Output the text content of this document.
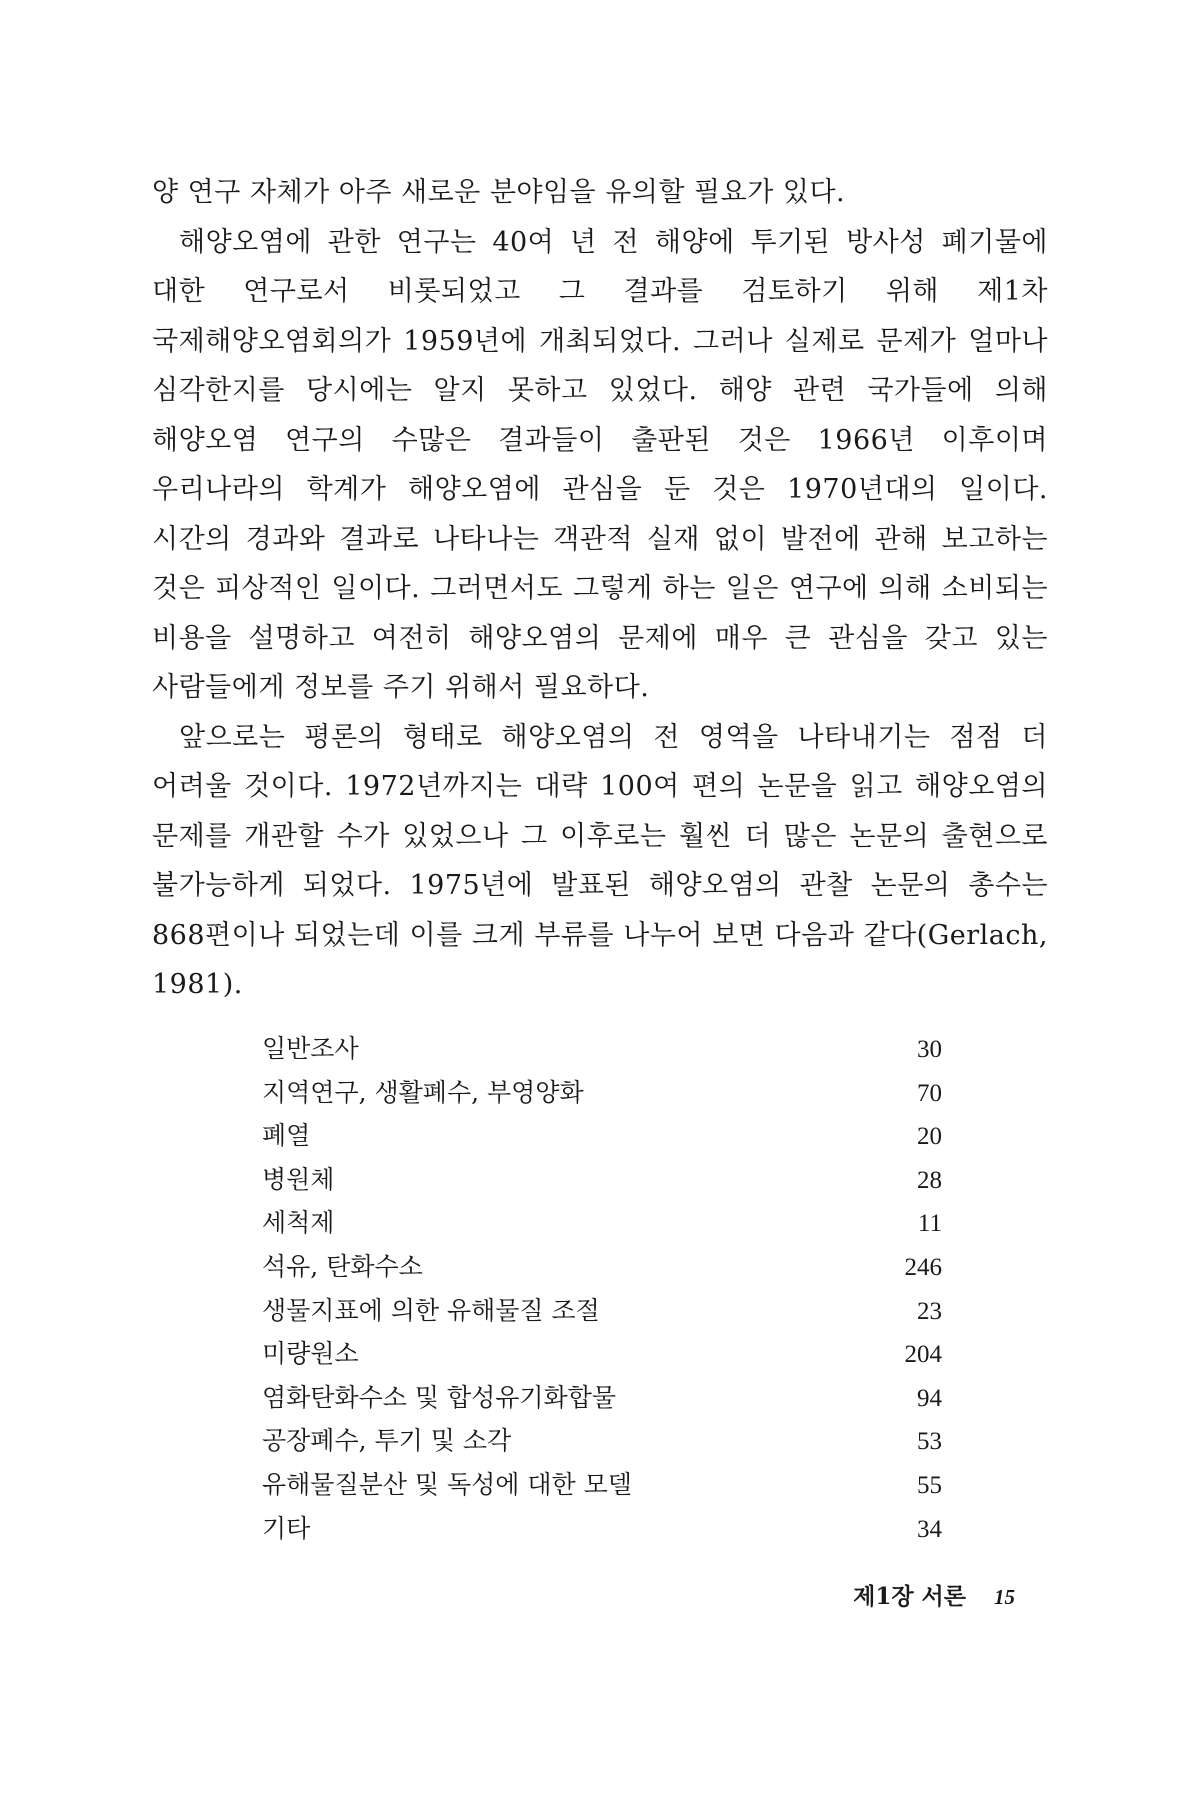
양 연구 자체가 아주 새로운 분야임을 유의할 필요가 있다.

해양오염에 관한 연구는 40여 년 전 해양에 투기된 방사성 폐기물에 대한 연구로서 비롯되었고 그 결과를 검토하기 위해 제1차 국제해양오염회의가 1959년에 개최되었다. 그러나 실제로 문제가 얼마나 심각한지를 당시에는 알지 못하고 있었다. 해양 관련 국가들에 의해 해양오염 연구의 수많은 결과들이 출판된 것은 1966년 이후이며 우리나라의 학계가 해양오염에 관심을 둔 것은 1970년대의 일이다. 시간의 경과와 결과로 나타나는 객관적 실재 없이 발전에 관해 보고하는 것은 피상적인 일이다. 그러면서도 그렇게 하는 일은 연구에 의해 소비되는 비용을 설명하고 여전히 해양오염의 문제에 매우 큰 관심을 갖고 있는 사람들에게 정보를 주기 위해서 필요하다.

앞으로는 평론의 형태로 해양오염의 전 영역을 나타내기는 점점 더 어려울 것이다. 1972년까지는 대략 100여 편의 논문을 읽고 해양오염의 문제를 개관할 수가 있었으나 그 이후로는 훨씬 더 많은 논문의 출현으로 불가능하게 되었다. 1975년에 발표된 해양오염의 관찰 논문의 총수는 868편이나 되었는데 이를 크게 부류를 나누어 보면 다음과 같다(Gerlach, 1981).

일반조사	30
지역연구, 생활폐수, 부영양화	70
폐열	20
병원체	28
세척제	11
석유, 탄화수소	246
생물지표에 의한 유해물질 조절	23
미량원소	204
염화탄화수소 및 합성유기화합물	94
공장폐수, 투기 및 소각	53
유해물질분산 및 독성에 대한 모델	55
기타	34
제1장 서론 15
